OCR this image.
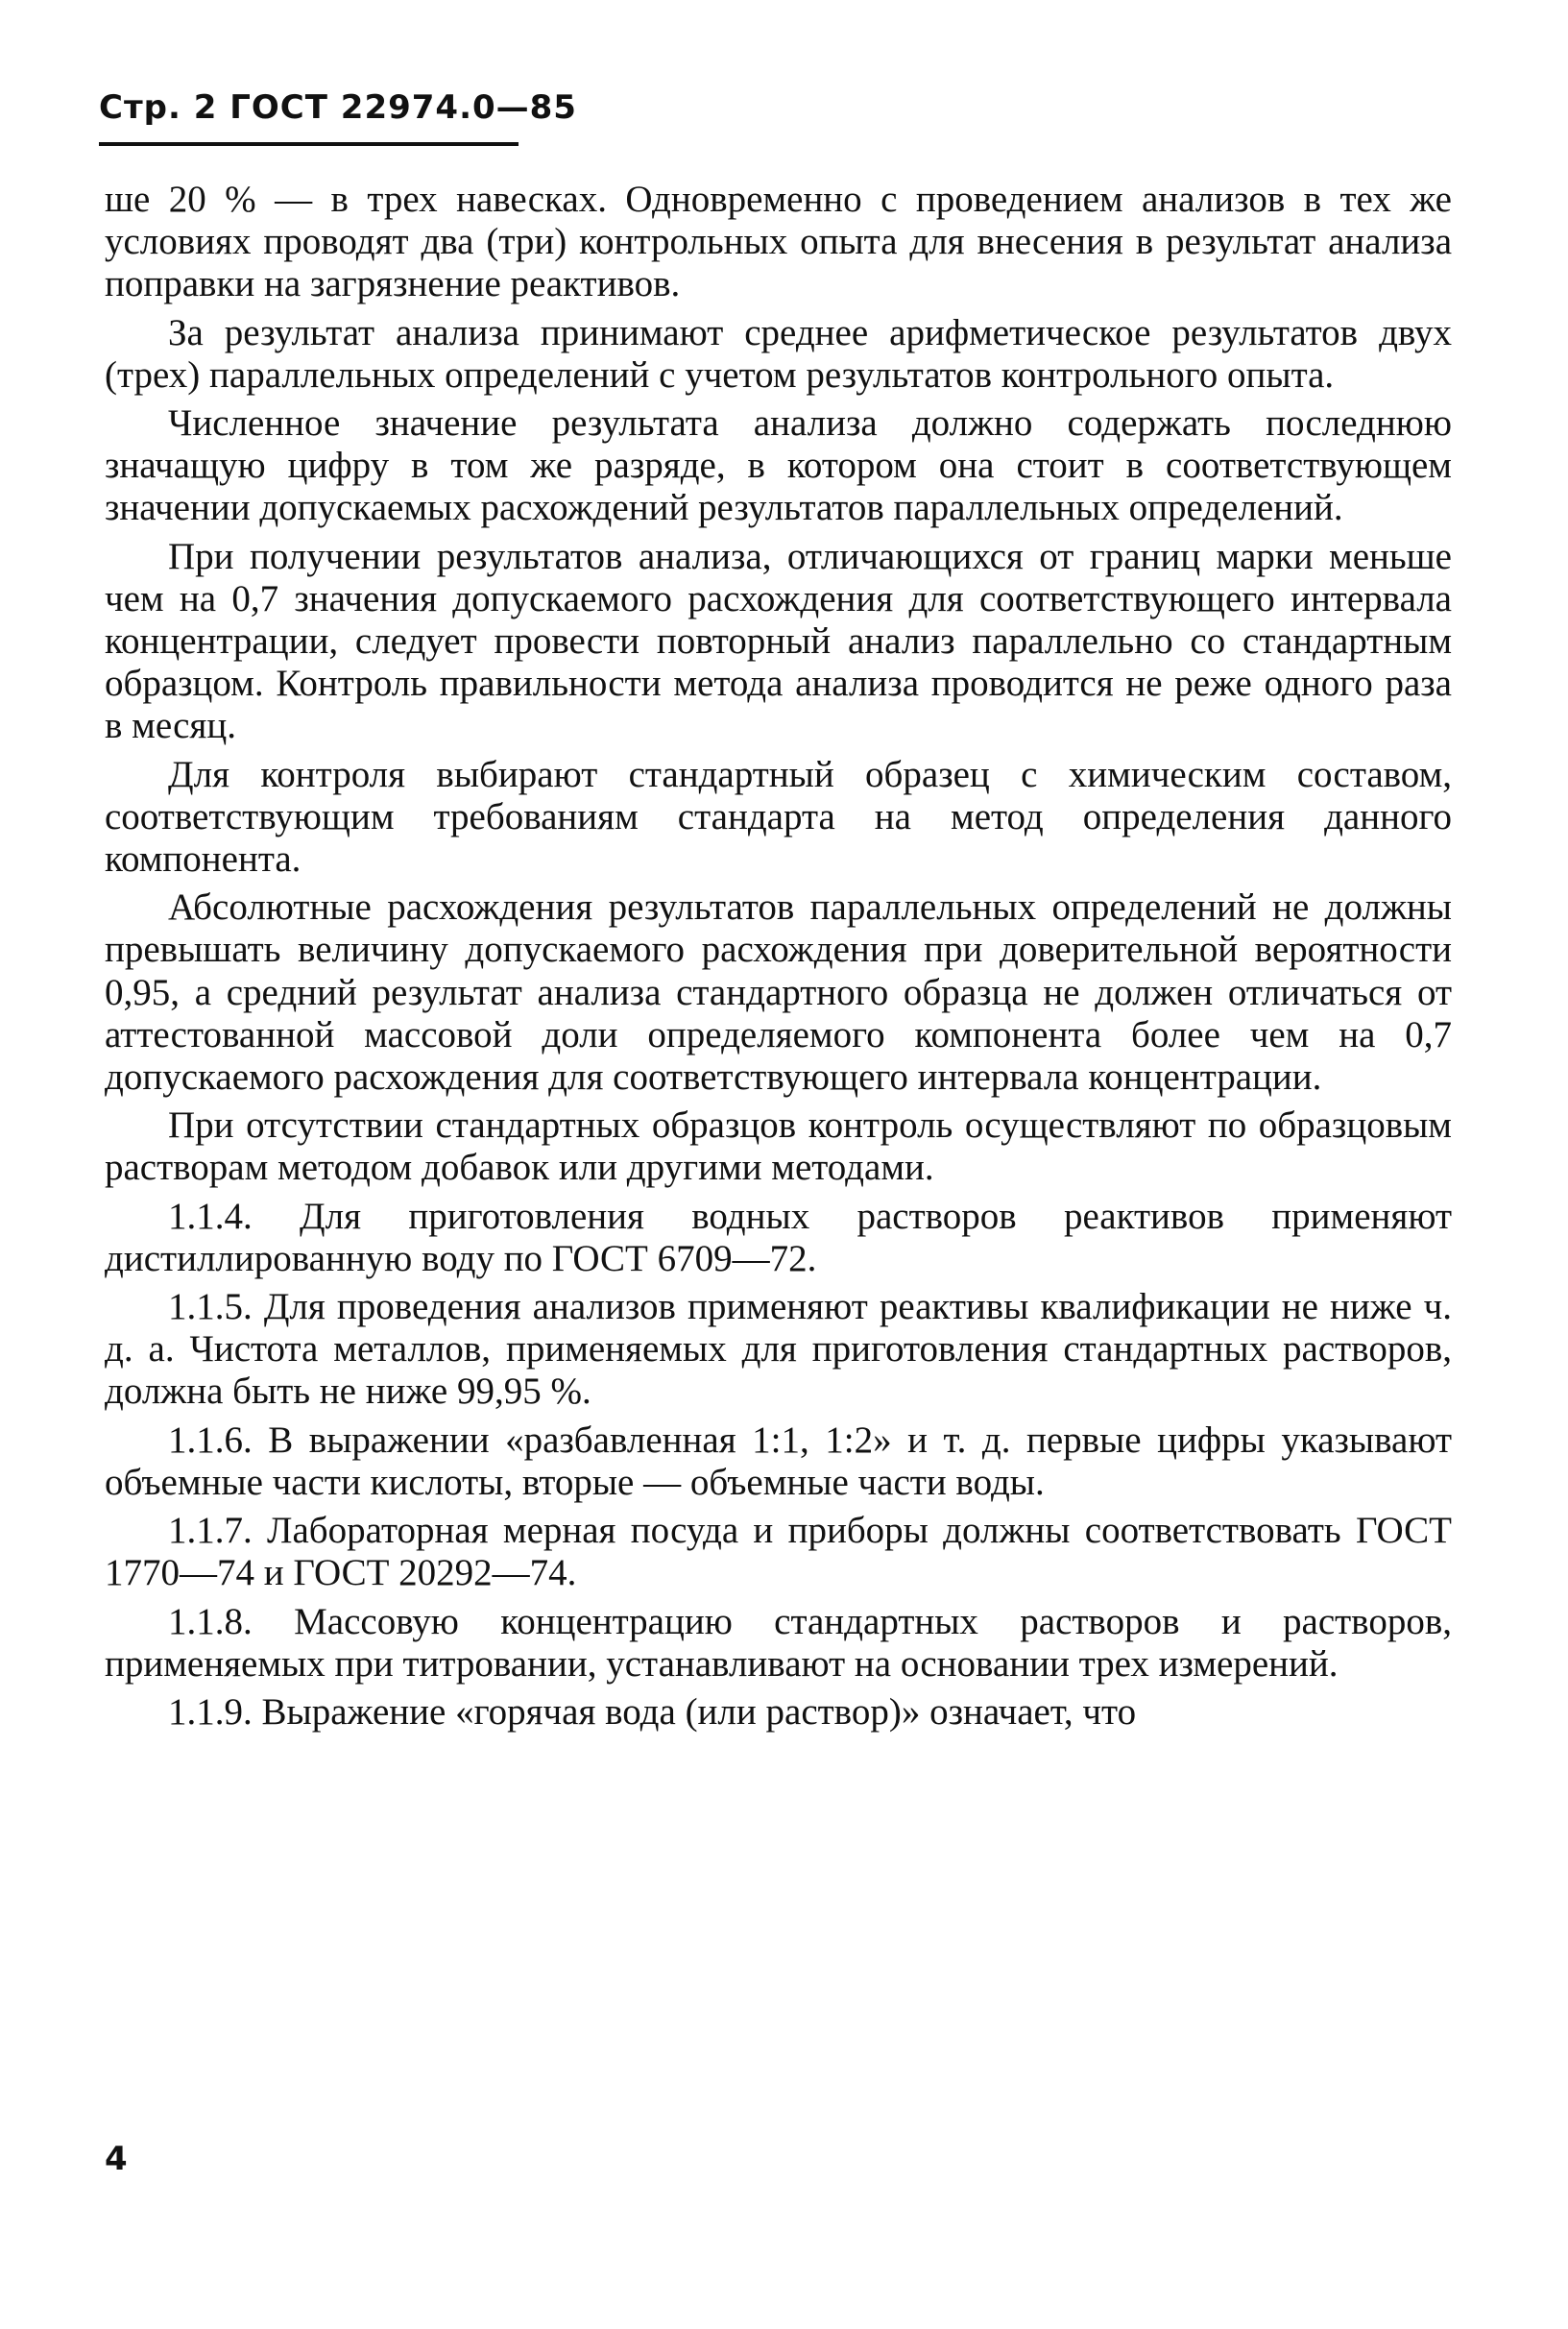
Стр. 2 ГОСТ 22974.0—85

ше 20 % — в трех навесках. Одновременно с проведением анализов в тех же условиях проводят два (три) контрольных опыта для внесения в результат анализа поправки на загрязнение реактивов.

За результат анализа принимают среднее арифметическое результатов двух (трех) параллельных определений с учетом результатов контрольного опыта.

Численное значение результата анализа должно содержать последнюю значащую цифру в том же разряде, в котором она стоит в соответствующем значении допускаемых расхождений результатов параллельных определений.

При получении результатов анализа, отличающихся от границ марки меньше чем на 0,7 значения допускаемого расхождения для соответствующего интервала концентрации, следует провести повторный анализ параллельно со стандартным образцом. Контроль правильности метода анализа проводится не реже одного раза в месяц.

Для контроля выбирают стандартный образец с химическим составом, соответствующим требованиям стандарта на метод определения данного компонента.

Абсолютные расхождения результатов параллельных определений не должны превышать величину допускаемого расхождения при доверительной вероятности 0,95, а средний результат анализа стандартного образца не должен отличаться от аттестованной массовой доли определяемого компонента более чем на 0,7 допускаемого расхождения для соответствующего интервала концентрации.

При отсутствии стандартных образцов контроль осуществляют по образцовым растворам методом добавок или другими методами.

1.1.4. Для приготовления водных растворов реактивов применяют дистиллированную воду по ГОСТ 6709—72.

1.1.5. Для проведения анализов применяют реактивы квалификации не ниже ч. д. а. Чистота металлов, применяемых для приготовления стандартных растворов, должна быть не ниже 99,95 %.

1.1.6. В выражении «разбавленная 1:1, 1:2» и т. д. первые цифры указывают объемные части кислоты, вторые — объемные части воды.

1.1.7. Лабораторная мерная посуда и приборы должны соответствовать ГОСТ 1770—74 и ГОСТ 20292—74.

1.1.8. Массовую концентрацию стандартных растворов и растворов, применяемых при титровании, устанавливают на основании трех измерений.

1.1.9. Выражение «горячая вода (или раствор)» означает, что

4
